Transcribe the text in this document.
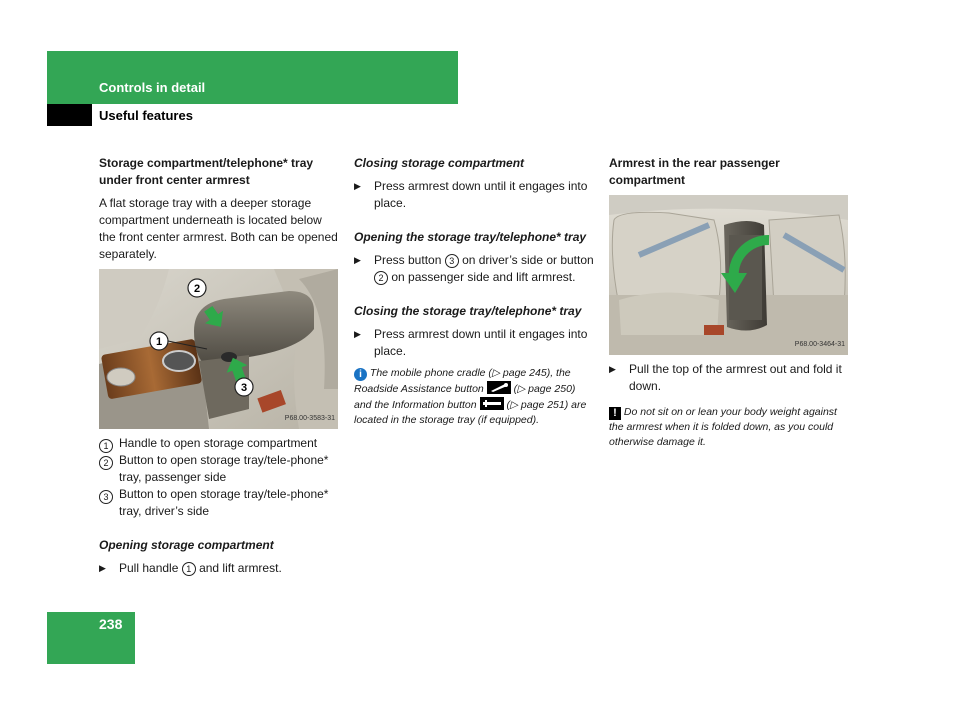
Controls in detail
Useful features
Storage compartment/telephone* tray under front center armrest

A flat storage tray with a deeper storage compartment underneath is located below the front center armrest. Both can be opened separately.

2
1
3
P68.00-3583-31
1 Handle to open storage compartment
2 Button to open storage tray/tele-phone* tray, passenger side
3 Button to open storage tray/tele-phone* tray, driver’s side
Opening storage compartment
▶ Pull handle 1 and lift armrest.
Closing storage compartment
▶ Press armrest down until it engages into place.
Opening the storage tray/telephone* tray
▶ Press button 3 on driver’s side or button 2 on passenger side and lift armrest.
Closing the storage tray/telephone* tray
▶ Press armrest down until it engages into place.
i The mobile phone cradle (▷ page 245), the Roadside Assistance button	(▷ page 250) and the Information button	(▷ page 251) are located in the storage tray (if equipped).
Armrest in the rear passenger compartment
P68.00-3464-31
▶ Pull the top of the armrest out and fold it down.
! Do not sit on or lean your body weight against the armrest when it is folded down, as you could otherwise damage it.
238
